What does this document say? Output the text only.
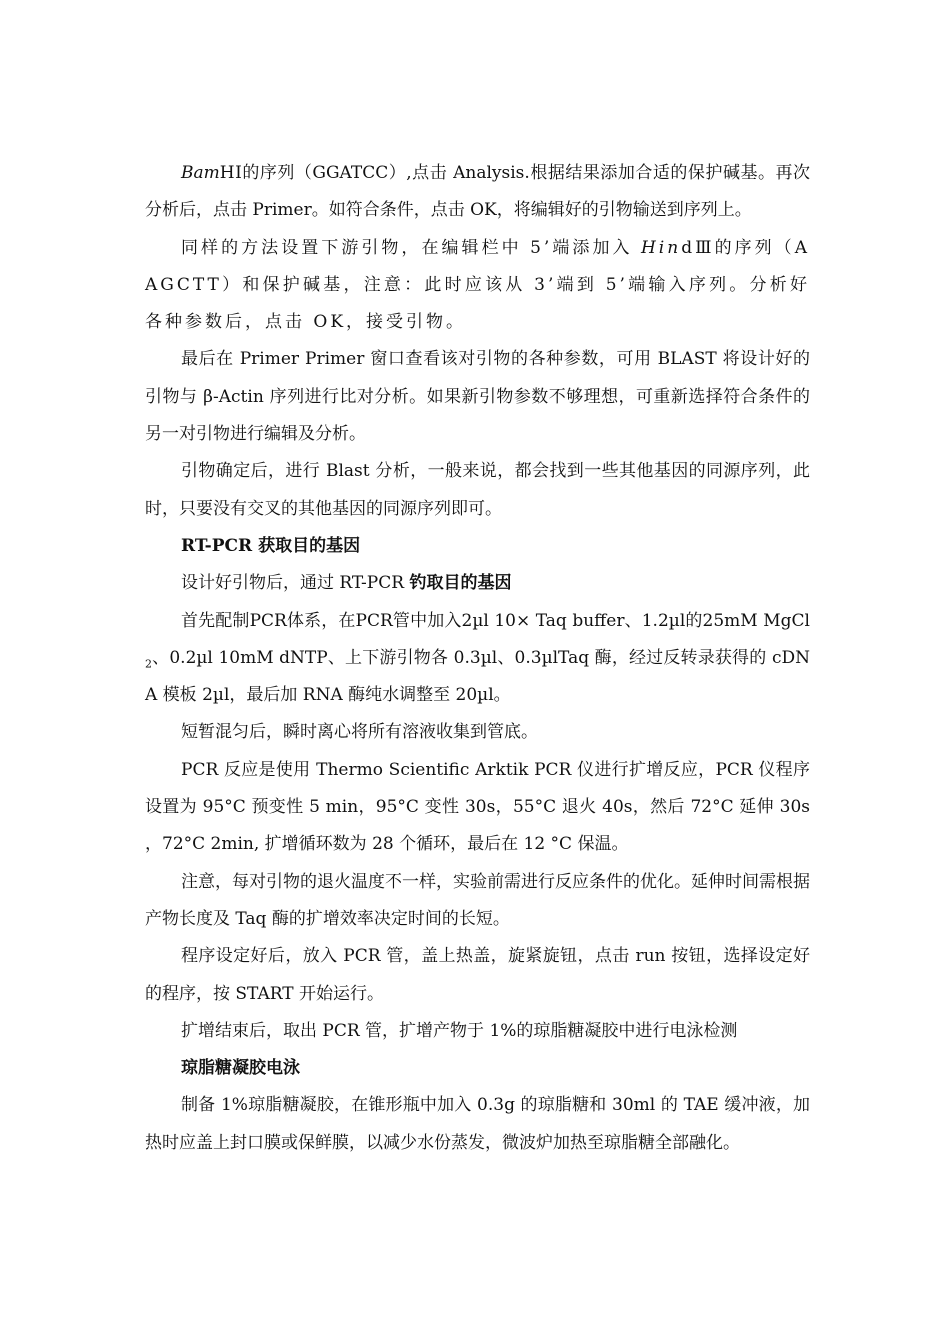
BamHⅠ的序列（GGATCC）,点击 Analysis.根据结果添加合适的保护碱基。再次分析后，点击 Primer。如符合条件，点击 OK，将编辑好的引物输送到序列上。

同样的方法设置下游引物，在编辑栏中 5’端添加入 HindⅢ的序列（AAGCTT）和保护碱基，注意：此时应该从 3’端到 5’端输入序列。分析好各种参数后，点击 OK，接受引物。

最后在 Primer Primer 窗口查看该对引物的各种参数，可用 BLAST 将设计好的引物与 β-Actin 序列进行比对分析。如果新引物参数不够理想，可重新选择符合条件的另一对引物进行编辑及分析。

引物确定后，进行 Blast 分析，一般来说，都会找到一些其他基因的同源序列，此时，只要没有交叉的其他基因的同源序列即可。

RT-PCR 获取目的基因

设计好引物后，通过 RT-PCR 钓取目的基因

首先配制PCR体系，在PCR管中加入2µl 10× Taq buffer、1.2µl的25mM MgCl$_2$、0.2µl 10mM dNTP、上下游引物各 0.3µl、0.3µlTaq 酶，经过反转录获得的 cDNA 模板 2µl，最后加 RNA 酶纯水调整至 20µl。

短暂混匀后，瞬时离心将所有溶液收集到管底。

PCR 反应是使用 Thermo Scientific Arktik PCR 仪进行扩增反应，PCR 仪程序设置为 95°C 预变性 5 min，95°C 变性 30s，55°C 退火 40s，然后 72°C 延伸 30s ，72°C 2min, 扩增循环数为 28 个循环，最后在 12 °C 保温。

注意，每对引物的退火温度不一样，实验前需进行反应条件的优化。延伸时间需根据产物长度及 Taq 酶的扩增效率决定时间的长短。

程序设定好后，放入 PCR 管，盖上热盖，旋紧旋钮，点击 run 按钮，选择设定好的程序，按 START 开始运行。

扩增结束后，取出 PCR 管，扩增产物于 1%的琼脂糖凝胶中进行电泳检测

琼脂糖凝胶电泳

制备 1%琼脂糖凝胶，在锥形瓶中加入 0.3g 的琼脂糖和 30ml 的 TAE 缓冲液，加热时应盖上封口膜或保鲜膜，以减少水份蒸发，微波炉加热至琼脂糖全部融化。
